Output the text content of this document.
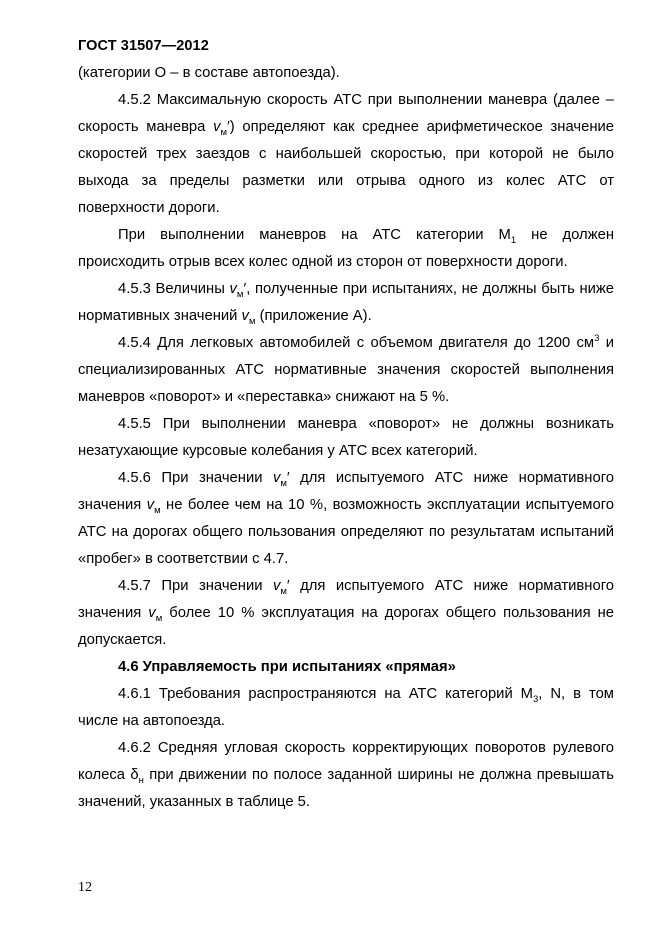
ГОСТ 31507—2012

(категории О – в составе автопоезда).

4.5.2 Максимальную скорость АТС при выполнении маневра (далее – скорость маневра $v_м'$) определяют как среднее арифметическое значение скоростей трех заездов с наибольшей скоростью, при которой не было выхода за пределы разметки или отрыва одного из колес АТС от поверхности дороги.

При выполнении маневров на АТС категории $М_1$ не должен происходить отрыв всех колес одной из сторон от поверхности дороги.

4.5.3 Величины $v_м'$, полученные при испытаниях, не должны быть ниже нормативных значений $v_м$ (приложение А).

4.5.4 Для легковых автомобилей с объемом двигателя до 1200 $см^3$ и специализированных АТС нормативные значения скоростей выполнения маневров «поворот» и «переставка» снижают на 5 %.

4.5.5 При выполнении маневра «поворот» не должны возникать незатухающие курсовые колебания у АТС всех категорий.

4.5.6 При значении $v_м'$ для испытуемого АТС ниже нормативного значения $v_м$ не более чем на 10 %, возможность эксплуатации испытуемого АТС на дорогах общего пользования определяют по результатам испытаний «пробег» в соответствии с 4.7.

4.5.7 При значении $v_м'$ для испытуемого АТС ниже нормативного значения $v_м$ более 10 % эксплуатация на дорогах общего пользования не допускается.

4.6 Управляемость при испытаниях «прямая»

4.6.1 Требования распространяются на АТС категорий $М_3$, N, в том числе на автопоезда.

4.6.2 Средняя угловая скорость корректирующих поворотов рулевого колеса $\delta_н$ при движении по полосе заданной ширины не должна превышать значений, указанных в таблице 5.

12
